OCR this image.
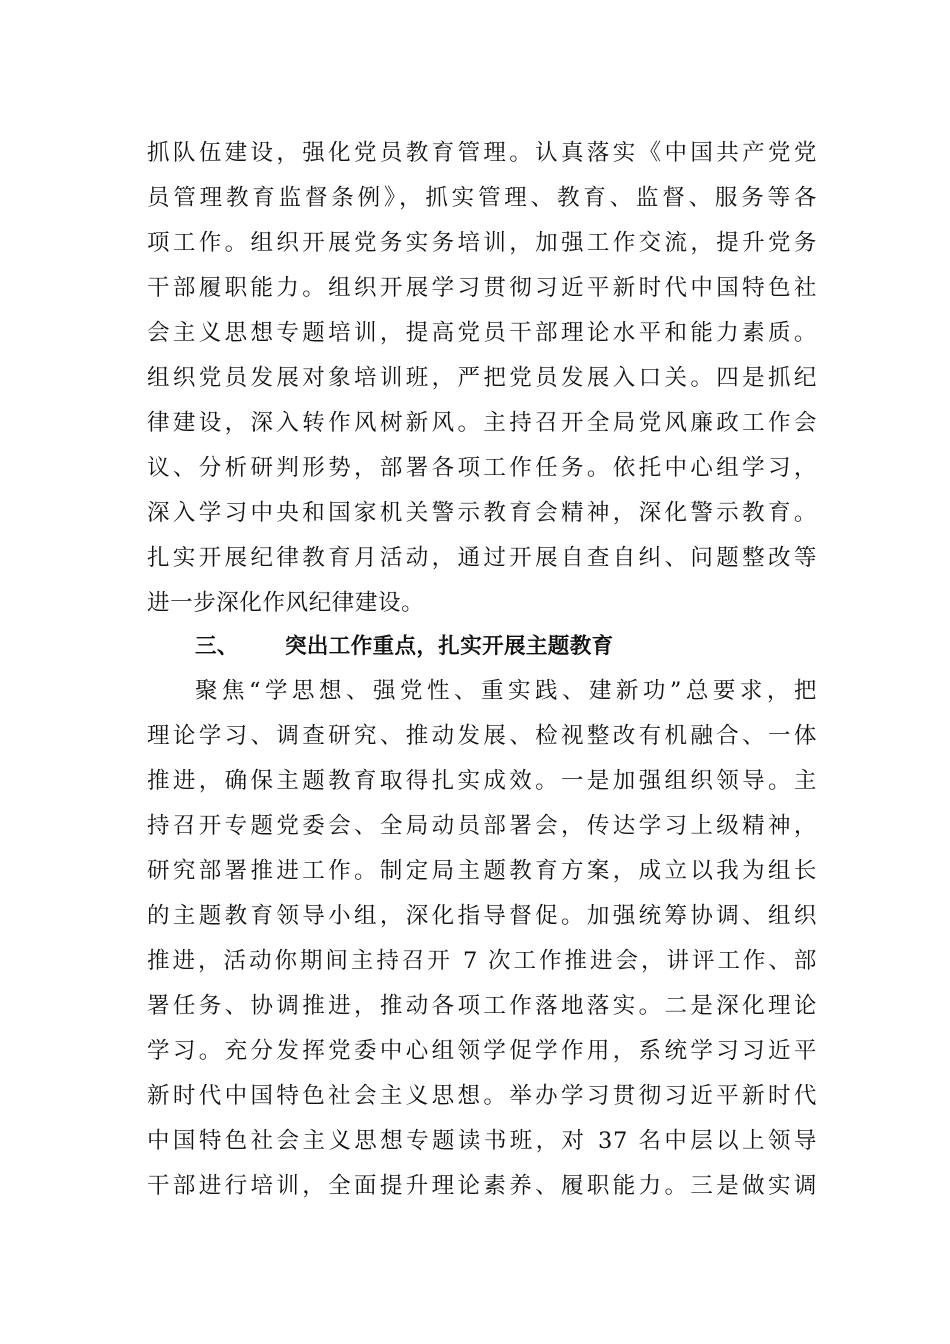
抓队伍建设，强化党员教育管理。认真落实《中国共产党党
员管理教育监督条例》，抓实管理、教育、监督、服务等各
项工作。组织开展党务实务培训，加强工作交流，提升党务
干部履职能力。组织开展学习贯彻习近平新时代中国特色社
会主义思想专题培训，提高党员干部理论水平和能力素质。
组织党员发展对象培训班，严把党员发展入口关。四是抓纪
律建设，深入转作风树新风。主持召开全局党风廉政工作会
议、分析研判形势，部署各项工作任务。依托中心组学习，
深入学习中央和国家机关警示教育会精神，深化警示教育。
扎实开展纪律教育月活动，通过开展自查自纠、问题整改等
进一步深化作风纪律建设。
三、 突出工作重点，扎实开展主题教育
聚焦“学思想、强党性、重实践、建新功”总要求，把
理论学习、调查研究、推动发展、检视整改有机融合、一体
推进，确保主题教育取得扎实成效。一是加强组织领导。主
持召开专题党委会、全局动员部署会，传达学习上级精神，
研究部署推进工作。制定局主题教育方案，成立以我为组长
的主题教育领导小组，深化指导督促。加强统筹协调、组织
推进，活动你期间主持召开 7 次工作推进会，讲评工作、部
署任务、协调推进，推动各项工作落地落实。二是深化理论
学习。充分发挥党委中心组领学促学作用，系统学习习近平
新时代中国特色社会主义思想。举办学习贯彻习近平新时代
中国特色社会主义思想专题读书班，对 37 名中层以上领导
干部进行培训，全面提升理论素养、履职能力。三是做实调
